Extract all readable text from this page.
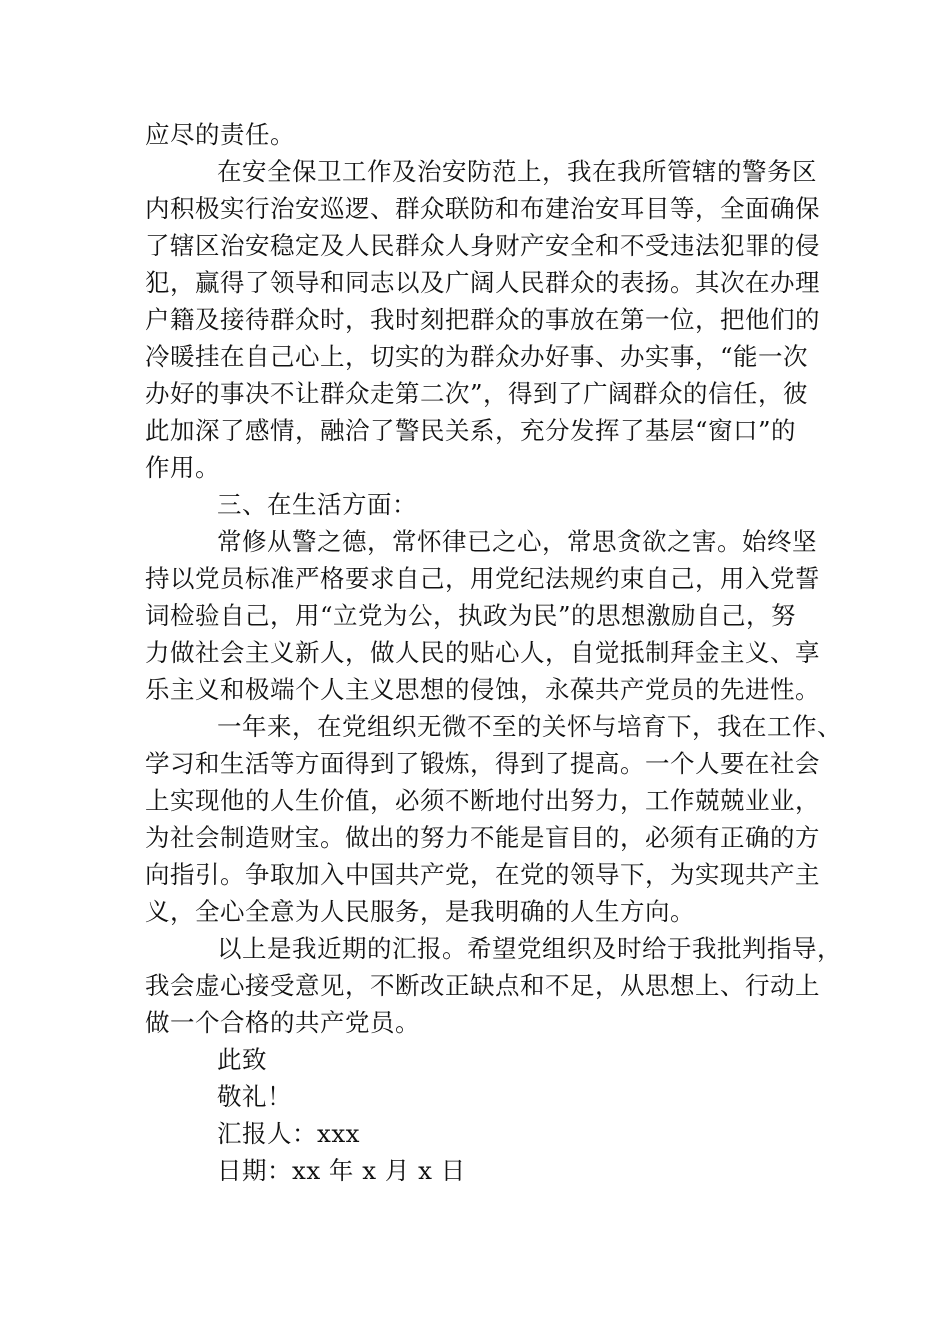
应尽的责任。
在安全保卫工作及治安防范上，我在我所管辖的警务区
内积极实行治安巡逻、群众联防和布建治安耳目等，全面确保
了辖区治安稳定及人民群众人身财产安全和不受违法犯罪的侵
犯，赢得了领导和同志以及广阔人民群众的表扬。其次在办理
户籍及接待群众时，我时刻把群众的事放在第一位，把他们的
冷暖挂在自己心上，切实的为群众办好事、办实事，“能一次
办好的事决不让群众走第二次”，得到了广阔群众的信任，彼
此加深了感情，融洽了警民关系，充分发挥了基层“窗口”的
作用。
三、在生活方面：
常修从警之德，常怀律已之心，常思贪欲之害。始终坚
持以党员标准严格要求自己，用党纪法规约束自己，用入党誓
词检验自己，用“立党为公，执政为民”的思想激励自己，努
力做社会主义新人，做人民的贴心人，自觉抵制拜金主义、享
乐主义和极端个人主义思想的侵蚀，永葆共产党员的先进性。
一年来，在党组织无微不至的关怀与培育下，我在工作、
学习和生活等方面得到了锻炼，得到了提高。一个人要在社会
上实现他的人生价值，必须不断地付出努力，工作兢兢业业，
为社会制造财宝。做出的努力不能是盲目的，必须有正确的方
向指引。争取加入中国共产党，在党的领导下，为实现共产主
义，全心全意为人民服务，是我明确的人生方向。
以上是我近期的汇报。希望党组织及时给于我批判指导，
我会虚心接受意见，不断改正缺点和不足，从思想上、行动上
做一个合格的共产党员。
此致
敬礼！
汇报人：xxx
日期：xx 年 x 月 x 日
